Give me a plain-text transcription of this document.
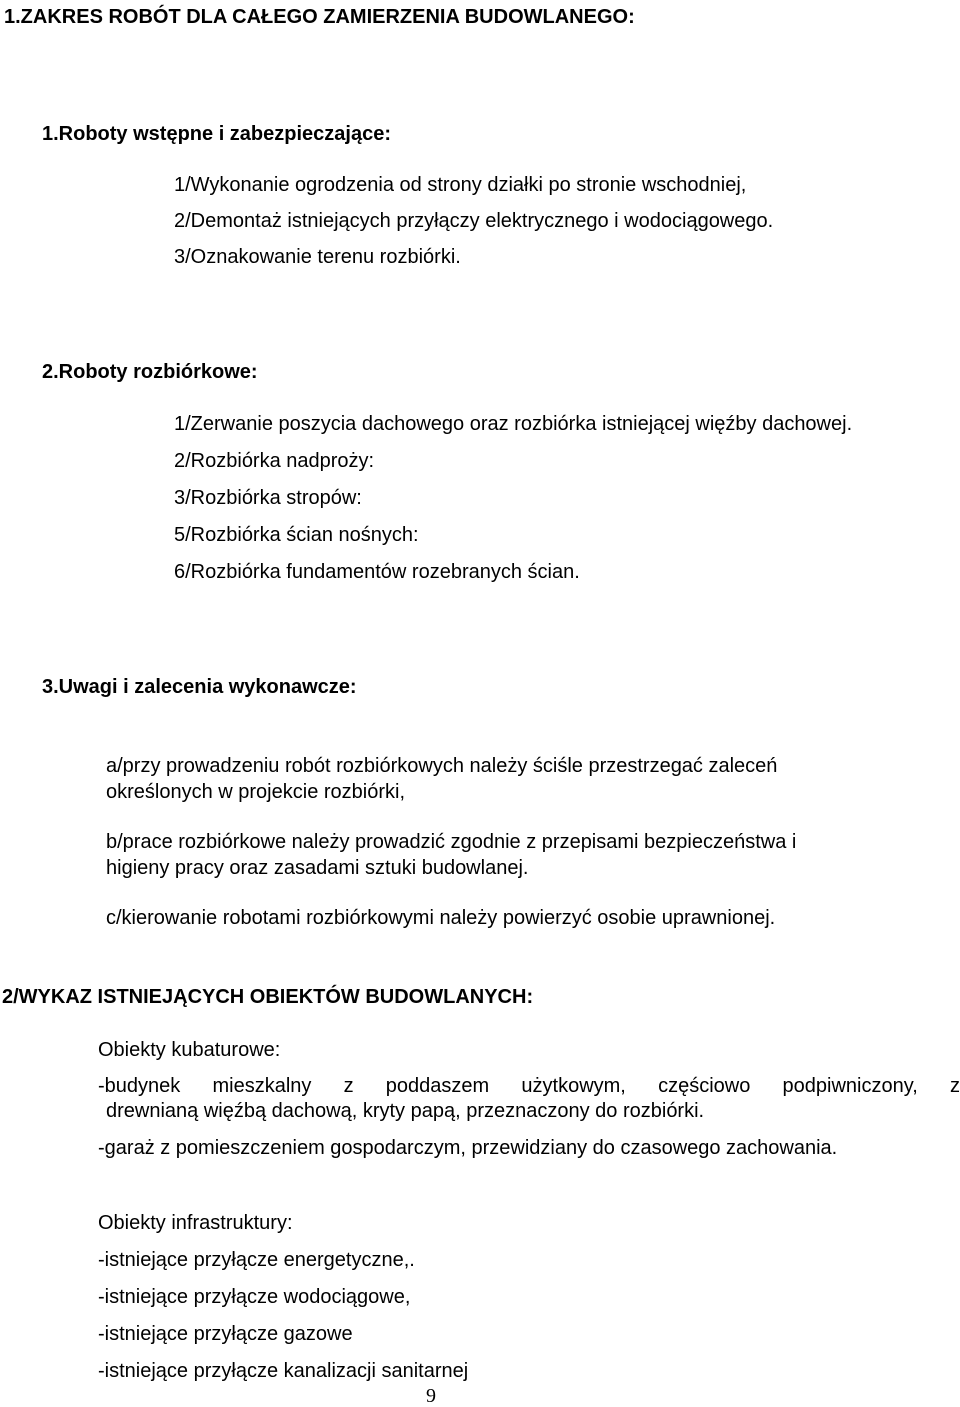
1.ZAKRES ROBÓT DLA CAŁEGO ZAMIERZENIA BUDOWLANEGO:
1.Roboty wstępne i zabezpieczające:
1/Wykonanie ogrodzenia od strony działki po stronie wschodniej,
2/Demontaż istniejących przyłączy elektrycznego i wodociągowego.
3/Oznakowanie terenu rozbiórki.
2.Roboty rozbiórkowe:
1/Zerwanie poszycia dachowego oraz rozbiórka istniejącej więźby dachowej.
2/Rozbiórka nadproży:
3/Rozbiórka stropów:
5/Rozbiórka ścian nośnych:
6/Rozbiórka fundamentów rozebranych ścian.
3.Uwagi i zalecenia wykonawcze:
a/przy prowadzeniu robót rozbiórkowych należy ściśle przestrzegać zaleceń
określonych w projekcie rozbiórki,
b/prace rozbiórkowe należy prowadzić zgodnie z przepisami bezpieczeństwa i
higieny pracy oraz zasadami sztuki budowlanej.
c/kierowanie robotami rozbiórkowymi należy powierzyć osobie uprawnionej.
2/WYKAZ ISTNIEJĄCYCH OBIEKTÓW BUDOWLANYCH:
Obiekty kubaturowe:
-budynek mieszkalny z poddaszem użytkowym, częściowo podpiwniczony, z
drewnianą więźbą dachową, kryty papą, przeznaczony do rozbiórki.
-garaż z pomieszczeniem gospodarczym, przewidziany do czasowego zachowania.
Obiekty infrastruktury:
-istniejące przyłącze energetyczne,.
-istniejące przyłącze wodociągowe,
-istniejące przyłącze gazowe
-istniejące przyłącze kanalizacji sanitarnej
9
